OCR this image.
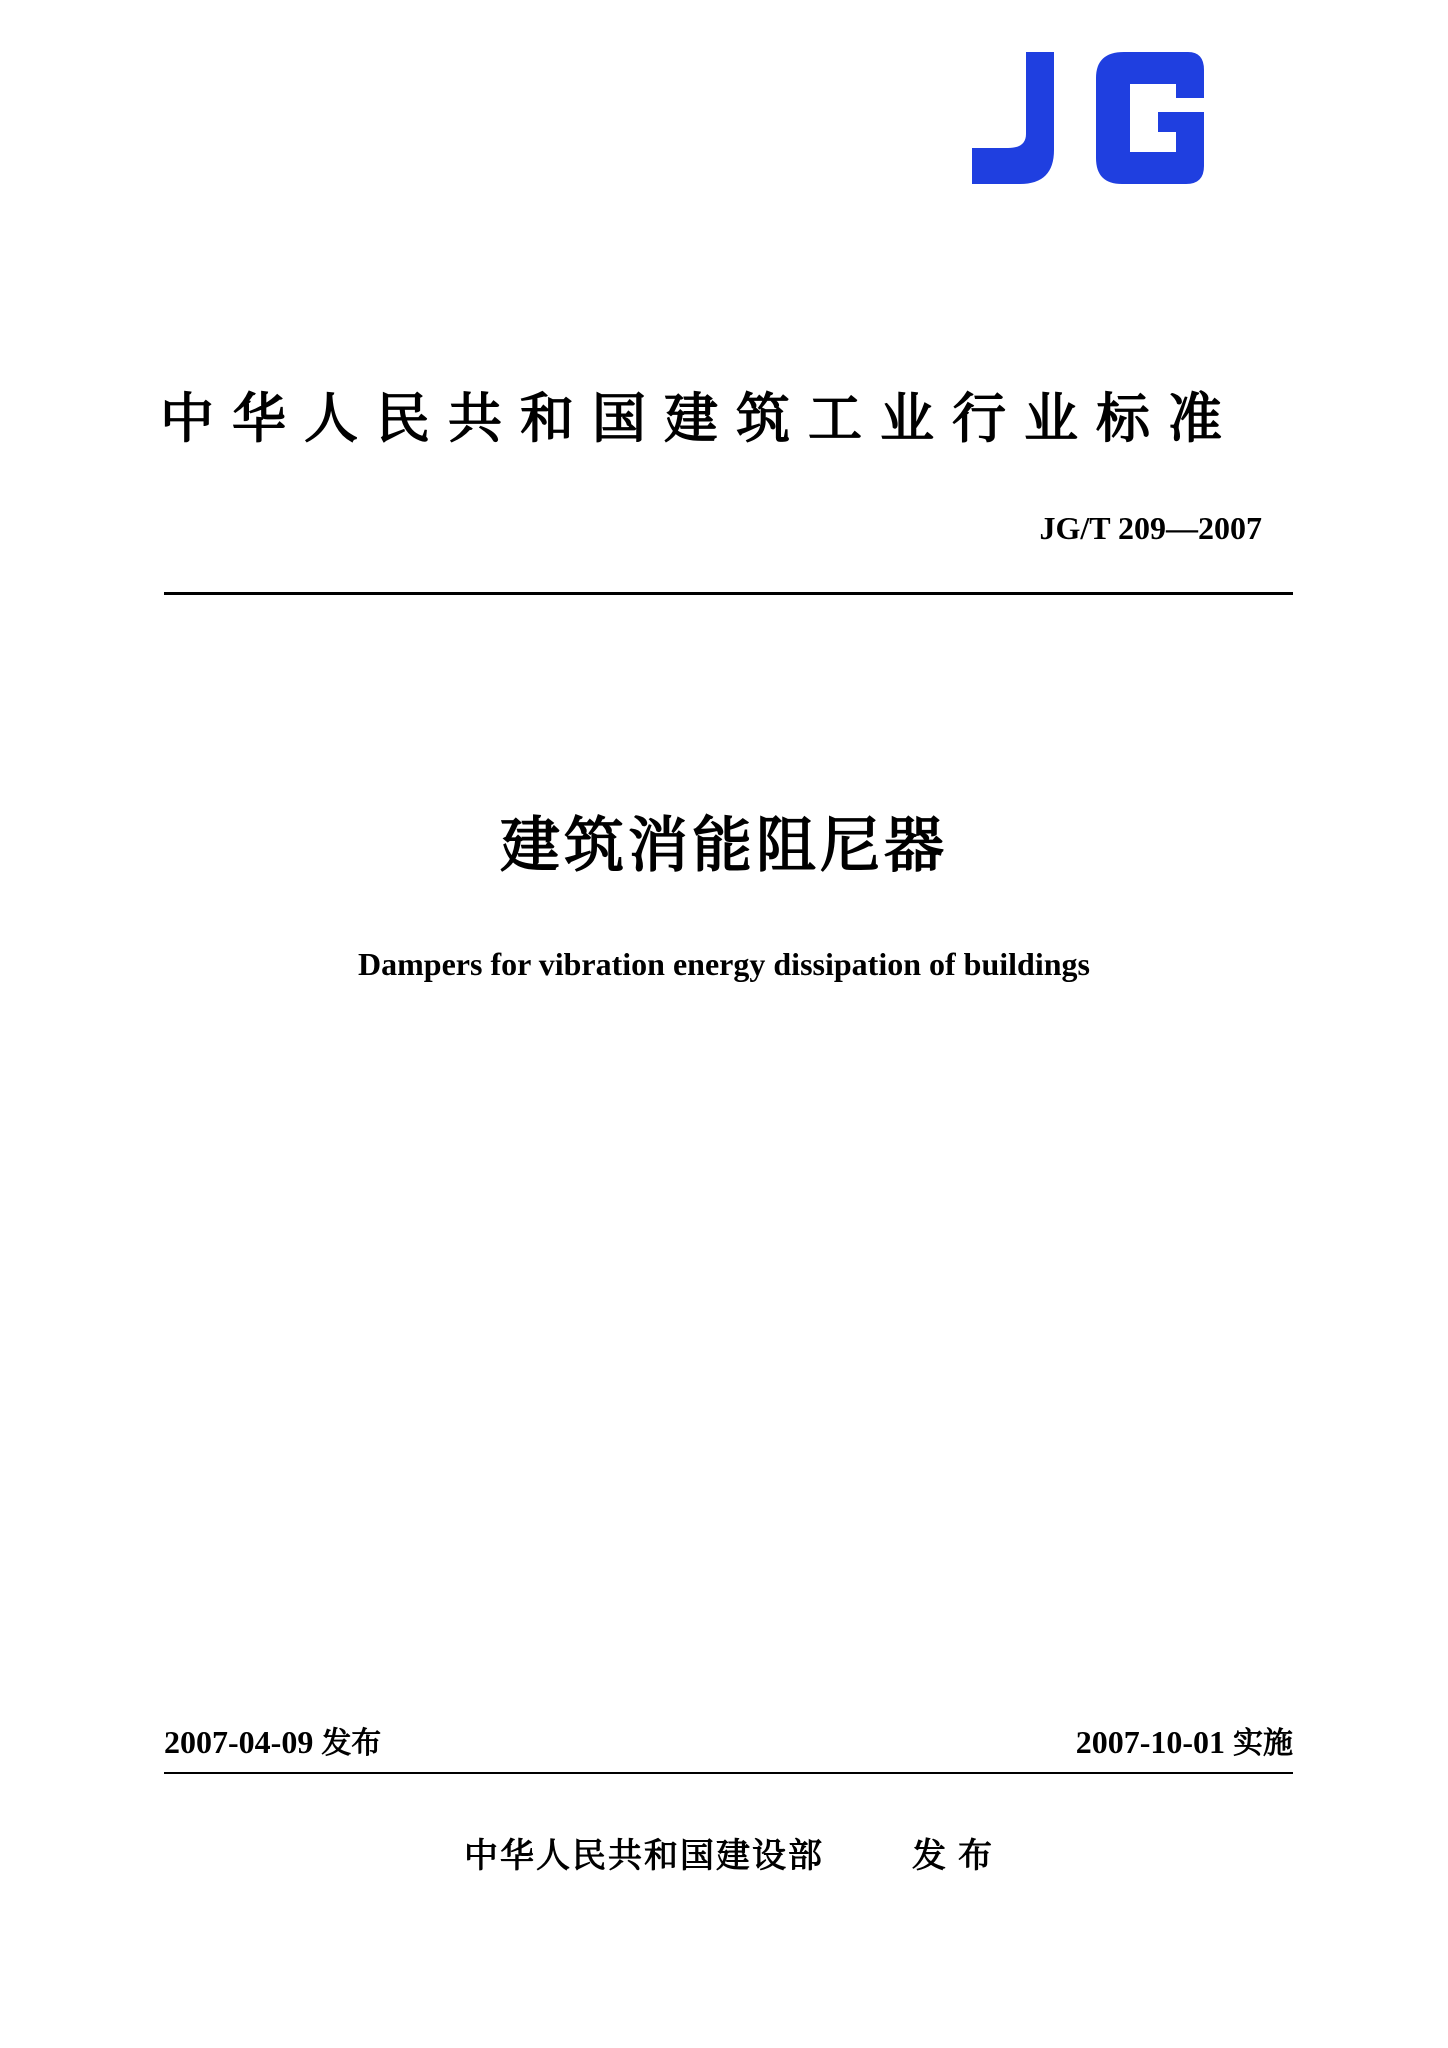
中华人民共和国建筑工业行业标准
JG/T 209—2007
建筑消能阻尼器
Dampers for vibration energy dissipation of buildings
2007-04-09 发布	2007-10-01 实施
中华人民共和国建设部	发布
